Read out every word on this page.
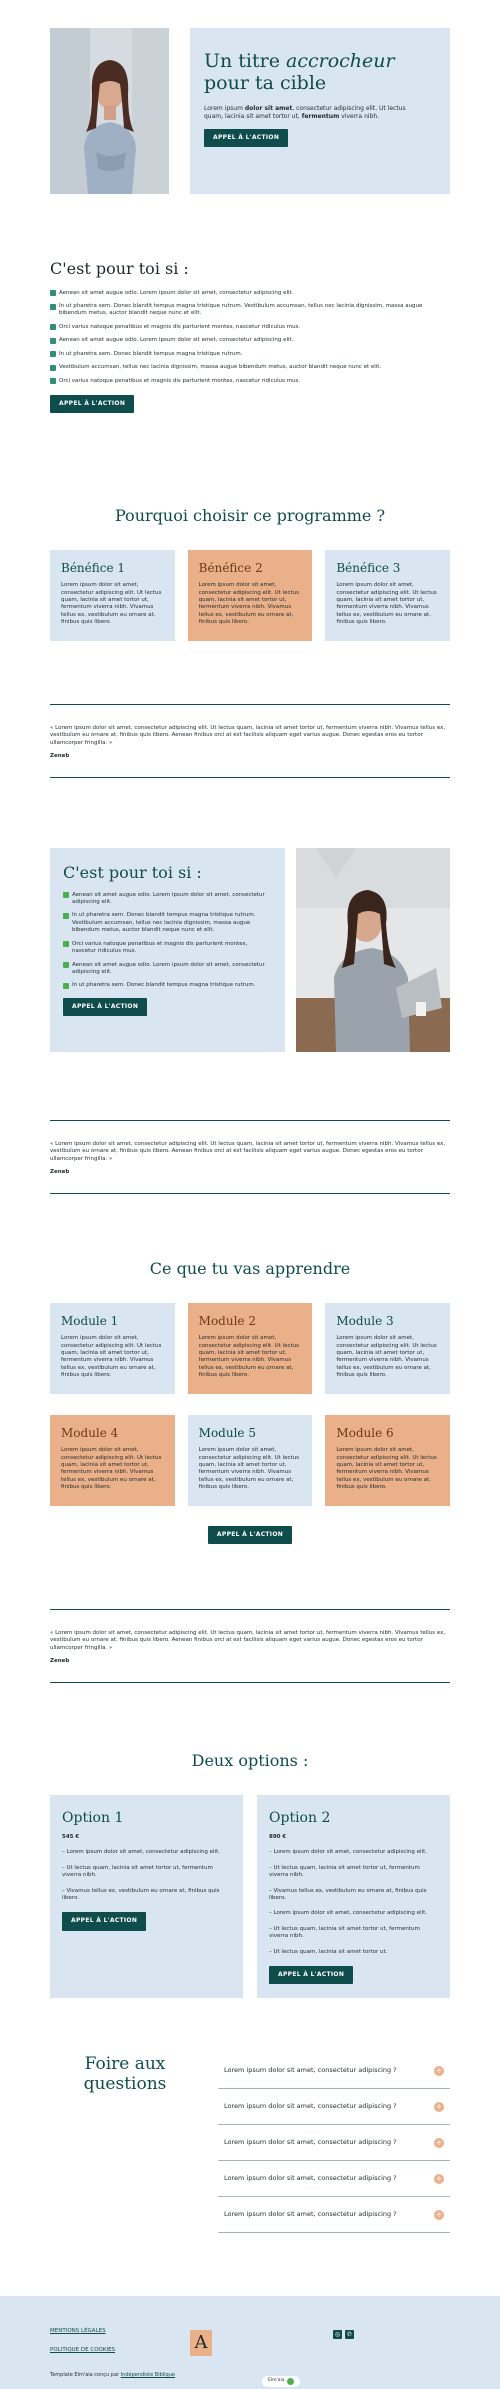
Un titre accrocheur pour ta cible

Lorem ipsum dolor sit amet, consectetur adipiscing elit. Ut lectus quam, lacinia sit amet tortor ut, fermentum viverra nibh.

APPEL À L'ACTION
C'est pour toi si :
Aenean sit amet augue odio. Lorem ipsum dolor sit amet, consectetur adipiscing elit.
In ut pharetra sem. Donec blandit tempus magna tristique rutrum. Vestibulum accumsan, tellus nec lacinia dignissim, massa augue bibendum metus, auctor blandit neque nunc et elit.
Orci varius natoque penatibus et magnis dis parturient montes, nascetur ridiculus mus.
Aenean sit amet augue odio. Lorem ipsum dolor sit amet, consectetur adipiscing elit.
In ut pharetra sem. Donec blandit tempus magna tristique rutrum.
Vestibulum accumsan, tellus nec lacinia dignissim, massa augue bibendum metus, auctor blandit neque nunc et elit.
Orci varius natoque penatibus et magnis dis parturient montes, nascetur ridiculus mus.
APPEL À L'ACTION
Pourquoi choisir ce programme ?
Bénéfice 1

Lorem ipsum dolor sit amet, consectetur adipiscing elit. Ut lectus quam, lacinia sit amet tortor ut, fermentum viverra nibh. Vivamus tellus ex, vestibulum eu ornare at, finibus quis libero.

Bénéfice 2

Lorem ipsum dolor sit amet, consectetur adipiscing elit. Ut lectus quam, lacinia sit amet tortor ut, fermentum viverra nibh. Vivamus tellus ex, vestibulum eu ornare at, finibus quis libero.

Bénéfice 3

Lorem ipsum dolor sit amet, consectetur adipiscing elit. Ut lectus quam, lacinia sit amet tortor ut, fermentum viverra nibh. Vivamus tellus ex, vestibulum eu ornare at, finibus quis libero.

« Lorem ipsum dolor sit amet, consectetur adipiscing elit. Ut lectus quam, lacinia sit amet tortor ut, fermentum viverra nibh. Vivamus tellus ex, vestibulum eu ornare at, finibus quis libero. Aenean finibus orci at est facilisis aliquam eget varius augue. Donec egestas eros eu tortor ullamcorper fringilla. »

Zeneb
C'est pour toi si :
Aenean sit amet augue odio. Lorem ipsum dolor sit amet, consectetur adipiscing elit.
In ut pharetra sem. Donec blandit tempus magna tristique rutrum. Vestibulum accumsan, tellus nec lacinia dignissim, massa augue bibendum metus, auctor blandit neque nunc et elit.
Orci varius natoque penatibus et magnis dis parturient montes, nascetur ridiculus mus.
Aenean sit amet augue odio. Lorem ipsum dolor sit amet, consectetur adipiscing elit.
In ut pharetra sem. Donec blandit tempus magna tristique rutrum.
APPEL À L'ACTION

« Lorem ipsum dolor sit amet, consectetur adipiscing elit. Ut lectus quam, lacinia sit amet tortor ut, fermentum viverra nibh. Vivamus tellus ex, vestibulum eu ornare at, finibus quis libero. Aenean finibus orci at est facilisis aliquam eget varius augue. Donec egestas eros eu tortor ullamcorper fringilla. »

Zeneb
Ce que tu vas apprendre
Module 1

Lorem ipsum dolor sit amet, consectetur adipiscing elit. Ut lectus quam, lacinia sit amet tortor ut, fermentum viverra nibh. Vivamus tellus ex, vestibulum eu ornare at, finibus quis libero.

Module 2

Lorem ipsum dolor sit amet, consectetur adipiscing elit. Ut lectus quam, lacinia sit amet tortor ut, fermentum viverra nibh. Vivamus tellus ex, vestibulum eu ornare at, finibus quis libero.

Module 3

Lorem ipsum dolor sit amet, consectetur adipiscing elit. Ut lectus quam, lacinia sit amet tortor ut, fermentum viverra nibh. Vivamus tellus ex, vestibulum eu ornare at, finibus quis libero.

Module 4

Lorem ipsum dolor sit amet, consectetur adipiscing elit. Ut lectus quam, lacinia sit amet tortor ut, fermentum viverra nibh. Vivamus tellus ex, vestibulum eu ornare at, finibus quis libero.

Module 5

Lorem ipsum dolor sit amet, consectetur adipiscing elit. Ut lectus quam, lacinia sit amet tortor ut, fermentum viverra nibh. Vivamus tellus ex, vestibulum eu ornare at, finibus quis libero.

Module 6

Lorem ipsum dolor sit amet, consectetur adipiscing elit. Ut lectus quam, lacinia sit amet tortor ut, fermentum viverra nibh. Vivamus tellus ex, vestibulum eu ornare at, finibus quis libero.

APPEL À L'ACTION

« Lorem ipsum dolor sit amet, consectetur adipiscing elit. Ut lectus quam, lacinia sit amet tortor ut, fermentum viverra nibh. Vivamus tellus ex, vestibulum eu ornare at, finibus quis libero. Aenean finibus orci at est facilisis aliquam eget varius augue. Donec egestas eros eu tortor ullamcorper fringilla. »

Zeneb
Deux options :
Option 1
545 €
– Lorem ipsum dolor sit amet, consectetur adipiscing elit.
– Ut lectus quam, lacinia sit amet tortor ut, fermentum viverra nibh.
– Vivamus tellus ex, vestibulum eu ornare at, finibus quis libero.
APPEL À L'ACTION
Option 2
890 €
– Lorem ipsum dolor sit amet, consectetur adipiscing elit.
– Ut lectus quam, lacinia sit amet tortor ut, fermentum viverra nibh.
– Vivamus tellus ex, vestibulum eu ornare at, finibus quis libero.
– Lorem ipsum dolor sit amet, consectetur adipiscing elit.
– Ut lectus quam, lacinia sit amet tortor ut, fermentum viverra nibh.
– Ut lectus quam, lacinia sit amet tortor ut.
APPEL À L'ACTION
Foire aux questions
Lorem ipsum dolor sit amet, consectetur adipiscing ?	+
Lorem ipsum dolor sit amet, consectetur adipiscing ?	+
Lorem ipsum dolor sit amet, consectetur adipiscing ?	+
Lorem ipsum dolor sit amet, consectetur adipiscing ?	+
Lorem ipsum dolor sit amet, consectetur adipiscing ?	+
MENTIONS LÉGALES
POLITIQUE DE COOKIES	A	◎ ℗
Template Elm'aia conçu par Indépendiste Biblique
Elm'aia
